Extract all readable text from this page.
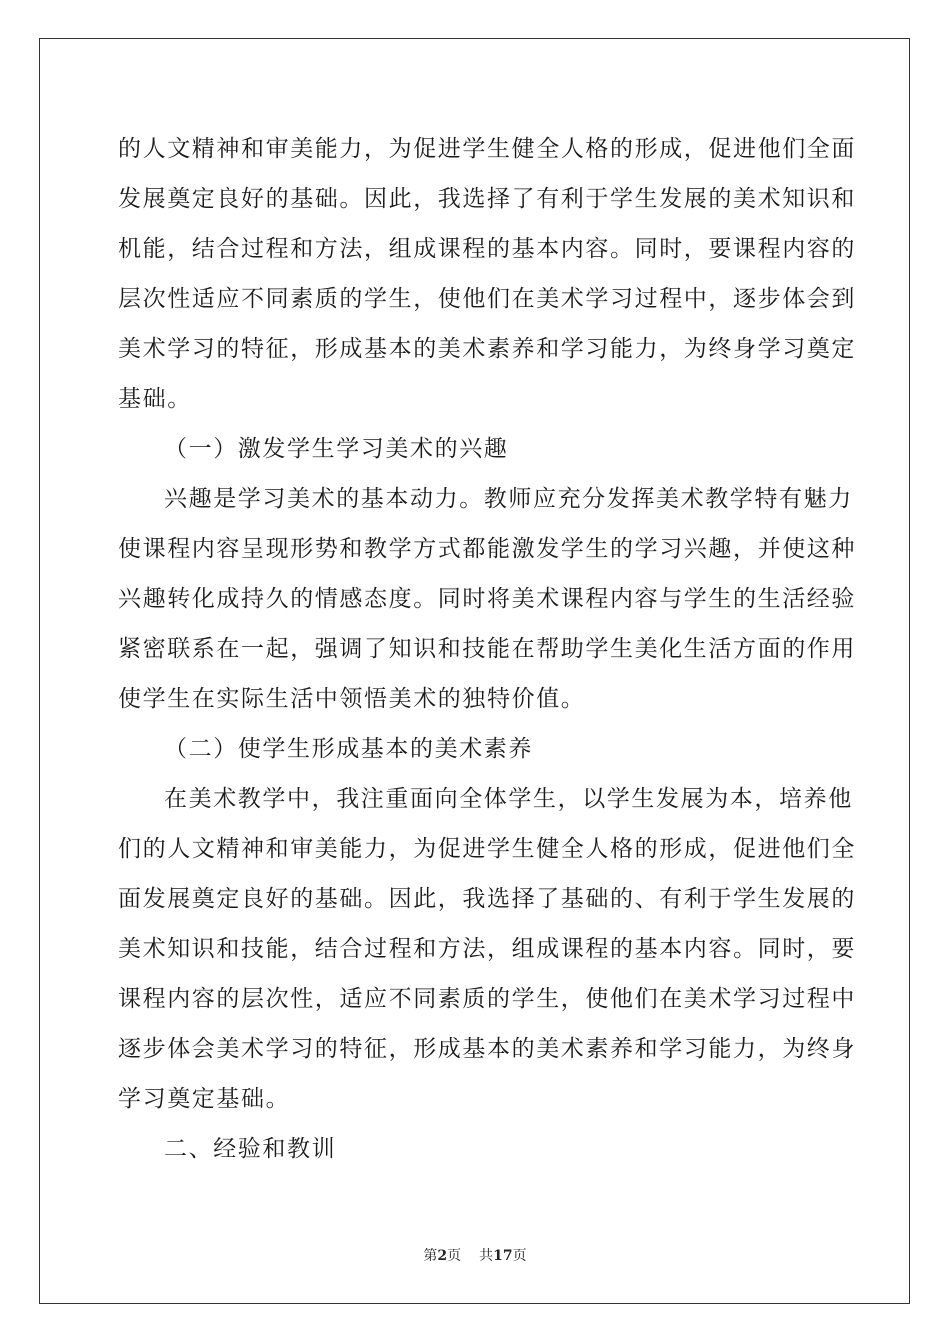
的人文精神和审美能力，为促进学生健全人格的形成，促进他们全面
发展奠定良好的基础。因此，我选择了有利于学生发展的美术知识和
机能，结合过程和方法，组成课程的基本内容。同时，要课程内容的
层次性适应不同素质的学生，使他们在美术学习过程中，逐步体会到
美术学习的特征，形成基本的美术素养和学习能力，为终身学习奠定
基础。
（一）激发学生学习美术的兴趣
兴趣是学习美术的基本动力。教师应充分发挥美术教学特有魅力
使课程内容呈现形势和教学方式都能激发学生的学习兴趣，并使这种
兴趣转化成持久的情感态度。同时将美术课程内容与学生的生活经验
紧密联系在一起，强调了知识和技能在帮助学生美化生活方面的作用
使学生在实际生活中领悟美术的独特价值。
（二）使学生形成基本的美术素养
在美术教学中，我注重面向全体学生，以学生发展为本，培养他
们的人文精神和审美能力，为促进学生健全人格的形成，促进他们全
面发展奠定良好的基础。因此，我选择了基础的、有利于学生发展的
美术知识和技能，结合过程和方法，组成课程的基本内容。同时，要
课程内容的层次性，适应不同素质的学生，使他们在美术学习过程中
逐步体会美术学习的特征，形成基本的美术素养和学习能力，为终身
学习奠定基础。
二、经验和教训
第2页 共17页
